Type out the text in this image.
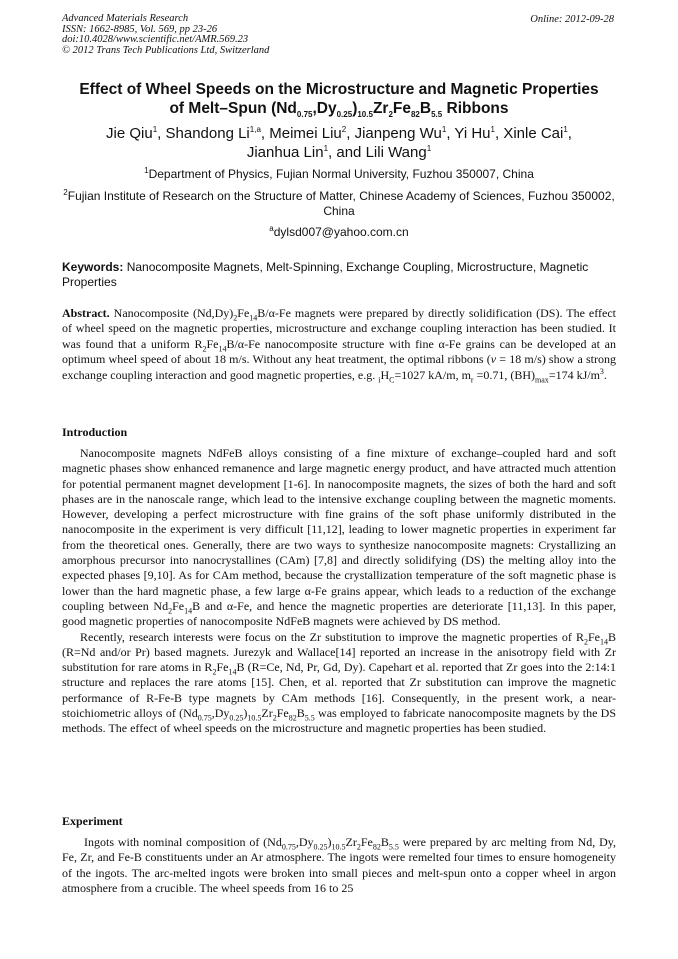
Advanced Materials Research
ISSN: 1662-8985, Vol. 569, pp 23-26
doi:10.4028/www.scientific.net/AMR.569.23
© 2012 Trans Tech Publications Ltd, Switzerland
Online: 2012-09-28
Effect of Wheel Speeds on the Microstructure and Magnetic Properties
of Melt–Spun $(Nd_{0.75},Dy_{0.25})_{10.5}Zr_2Fe_{82}B_{5.5}$ Ribbons
Jie Qiu$^1$, Shandong Li$^{1,a}$, Meimei Liu$^2$, Jianpeng Wu$^1$, Yi Hu$^1$, Xinle Cai$^1$,
Jianhua Lin$^1$, and Lili Wang$^1$
$^1$Department of Physics, Fujian Normal University, Fuzhou 350007, China
$^2$Fujian Institute of Research on the Structure of Matter, Chinese Academy of Sciences, Fuzhou 350002, China
$^a$dylsd007@yahoo.com.cn
Keywords: Nanocomposite Magnets, Melt-Spinning, Exchange Coupling, Microstructure, Magnetic Properties
Abstract. Nanocomposite $(Nd,Dy)_2Fe_{14}B/\alpha-Fe$ magnets were prepared by directly solidification (DS). The effect of wheel speed on the magnetic properties, microstructure and exchange coupling interaction has been studied. It was found that a uniform $R_2Fe_{14}B/\alpha-Fe$ nanocomposite structure with fine α-Fe grains can be developed at an optimum wheel speed of about 18 m/s. Without any heat treatment, the optimal ribbons (v = 18 m/s) show a strong exchange coupling interaction and good magnetic properties, e.g. $_iH_C=1027$ kA/m, $m_r =0.71$, $(BH)_{max}=174$ $kJ/m^3$.
Introduction

Nanocomposite magnets NdFeB alloys consisting of a fine mixture of exchange–coupled hard and soft magnetic phases show enhanced remanence and large magnetic energy product, and have attracted much attention for potential permanent magnet development [1-6]. In nanocomposite magnets, the sizes of both the hard and soft phases are in the nanoscale range, which lead to the intensive exchange coupling between the magnetic moments. However, developing a perfect microstructure with fine grains of the soft phase uniformly distributed in the nanocomposite in the experiment is very difficult [11,12], leading to lower magnetic properties in experiment far from the theoretical ones. Generally, there are two ways to synthesize nanocomposite magnets: Crystallizing an amorphous precursor into nanocrystallines (CAm) [7,8] and directly solidifying (DS) the melting alloy into the expected phases [9,10]. As for CAm method, because the crystallization temperature of the soft magnetic phase is lower than the hard magnetic phase, a few large α-Fe grains appear, which leads to a reduction of the exchange coupling between $Nd_2Fe_{14}B$ and α-Fe, and hence the magnetic properties are deteriorate [11,13]. In this paper, good magnetic properties of nanocomposite NdFeB magnets were achieved by DS method.

Recently, research interests were focus on the Zr substitution to improve the magnetic properties of $R_2Fe_{14}B$ (R=Nd and/or Pr) based magnets. Jurezyk and Wallace[14] reported an increase in the anisotropy field with Zr substitution for rare atoms in $R_2Fe_{14}B$ (R=Ce, Nd, Pr, Gd, Dy). Capehart et al. reported that Zr goes into the 2:14:1 structure and replaces the rare atoms [15]. Chen, et al. reported that Zr substitution can improve the magnetic performance of R-Fe-B type magnets by CAm methods [16]. Consequently, in the present work, a near-stoichiometric alloys of $(Nd_{0.75},Dy_{0.25})_{10.5}Zr_2Fe_{82}B_{5.5}$ was employed to fabricate nanocomposite magnets by the DS methods. The effect of wheel speeds on the microstructure and magnetic properties has been studied.

Experiment

Ingots with nominal composition of $(Nd_{0.75},Dy_{0.25})_{10.5}Zr_2Fe_{82}B_{5.5}$ were prepared by arc melting from Nd, Dy, Fe, Zr, and Fe-B constituents under an Ar atmosphere. The ingots were remelted four times to ensure homogeneity of the ingots. The arc-melted ingots were broken into small pieces and melt-spun onto a copper wheel in argon atmosphere from a crucible. The wheel speeds from 16 to 25
